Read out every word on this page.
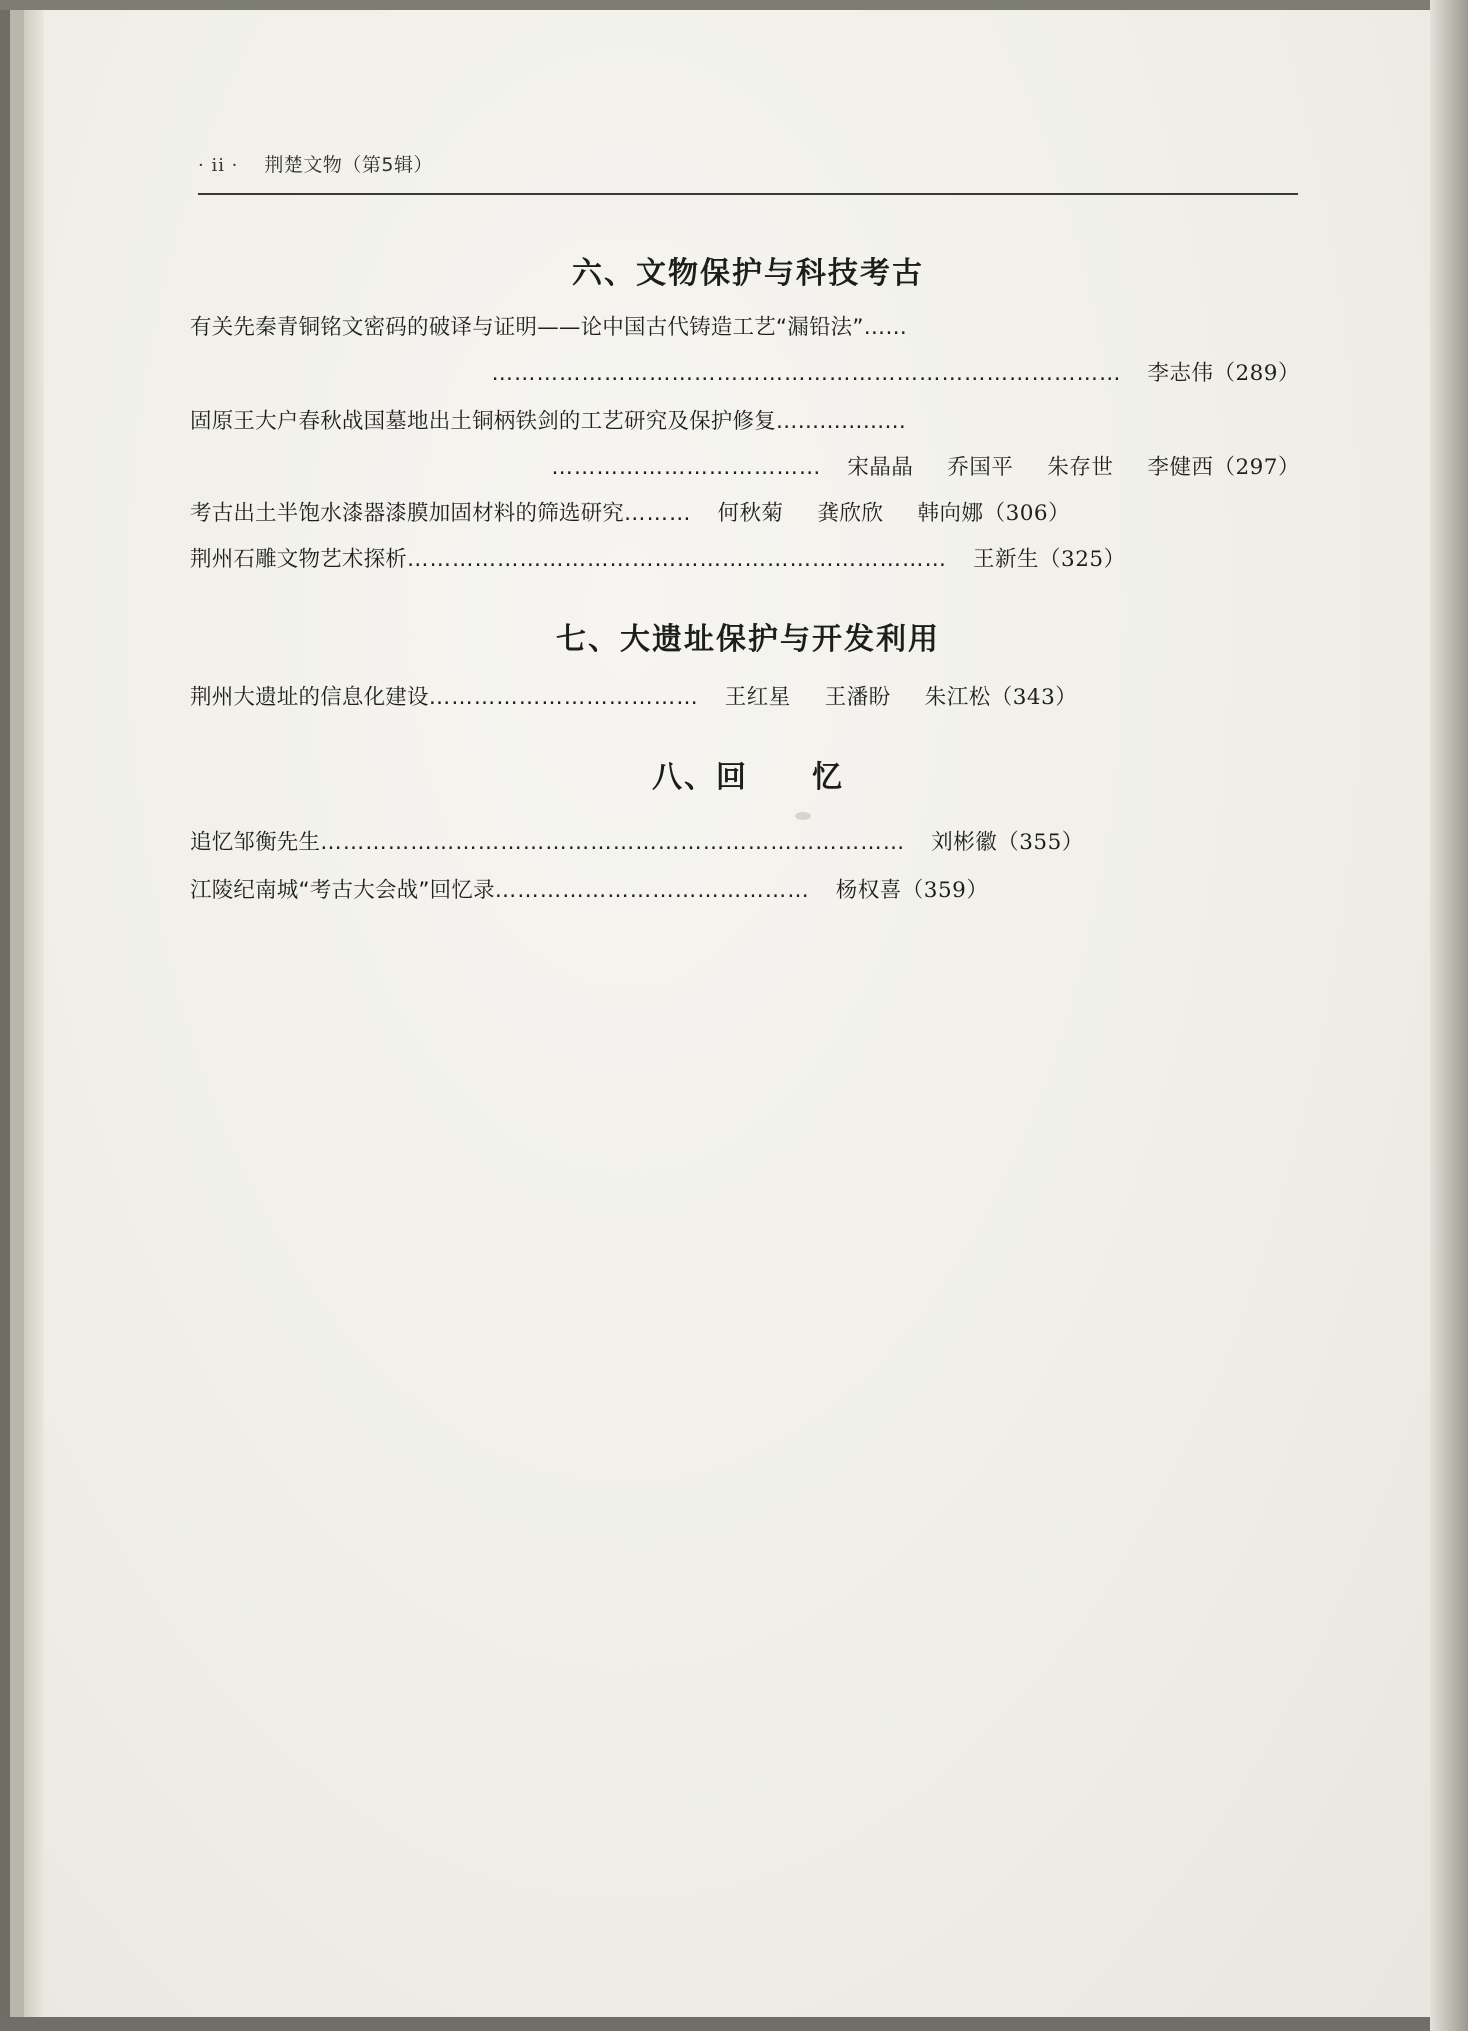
· ii · 荆楚文物（第5辑）
六、文物保护与科技考古
有关先秦青铜铭文密码的破译与证明——论中国古代铸造工艺“漏铅法”……
………………………………………………………………………… 李志伟（289）
固原王大户春秋战国墓地出土铜柄铁剑的工艺研究及保护修复………………
……………………………… 宋晶晶 乔国平 朱存世 李健西（297）
考古出土半饱水漆器漆膜加固材料的筛选研究……… 何秋菊 龚欣欣 韩向娜（306）
荆州石雕文物艺术探析……………………………………………………………… 王新生（325）
荆州大遗址的信息化建设……………………………… 王红星 王潘盼 朱江松（343）
追忆邹衡先生…………………………………………………………………… 刘彬徽（355）
江陵纪南城“考古大会战”回忆录…………………………………… 杨权喜（359）
七、大遗址保护与开发利用
八、回　　忆
